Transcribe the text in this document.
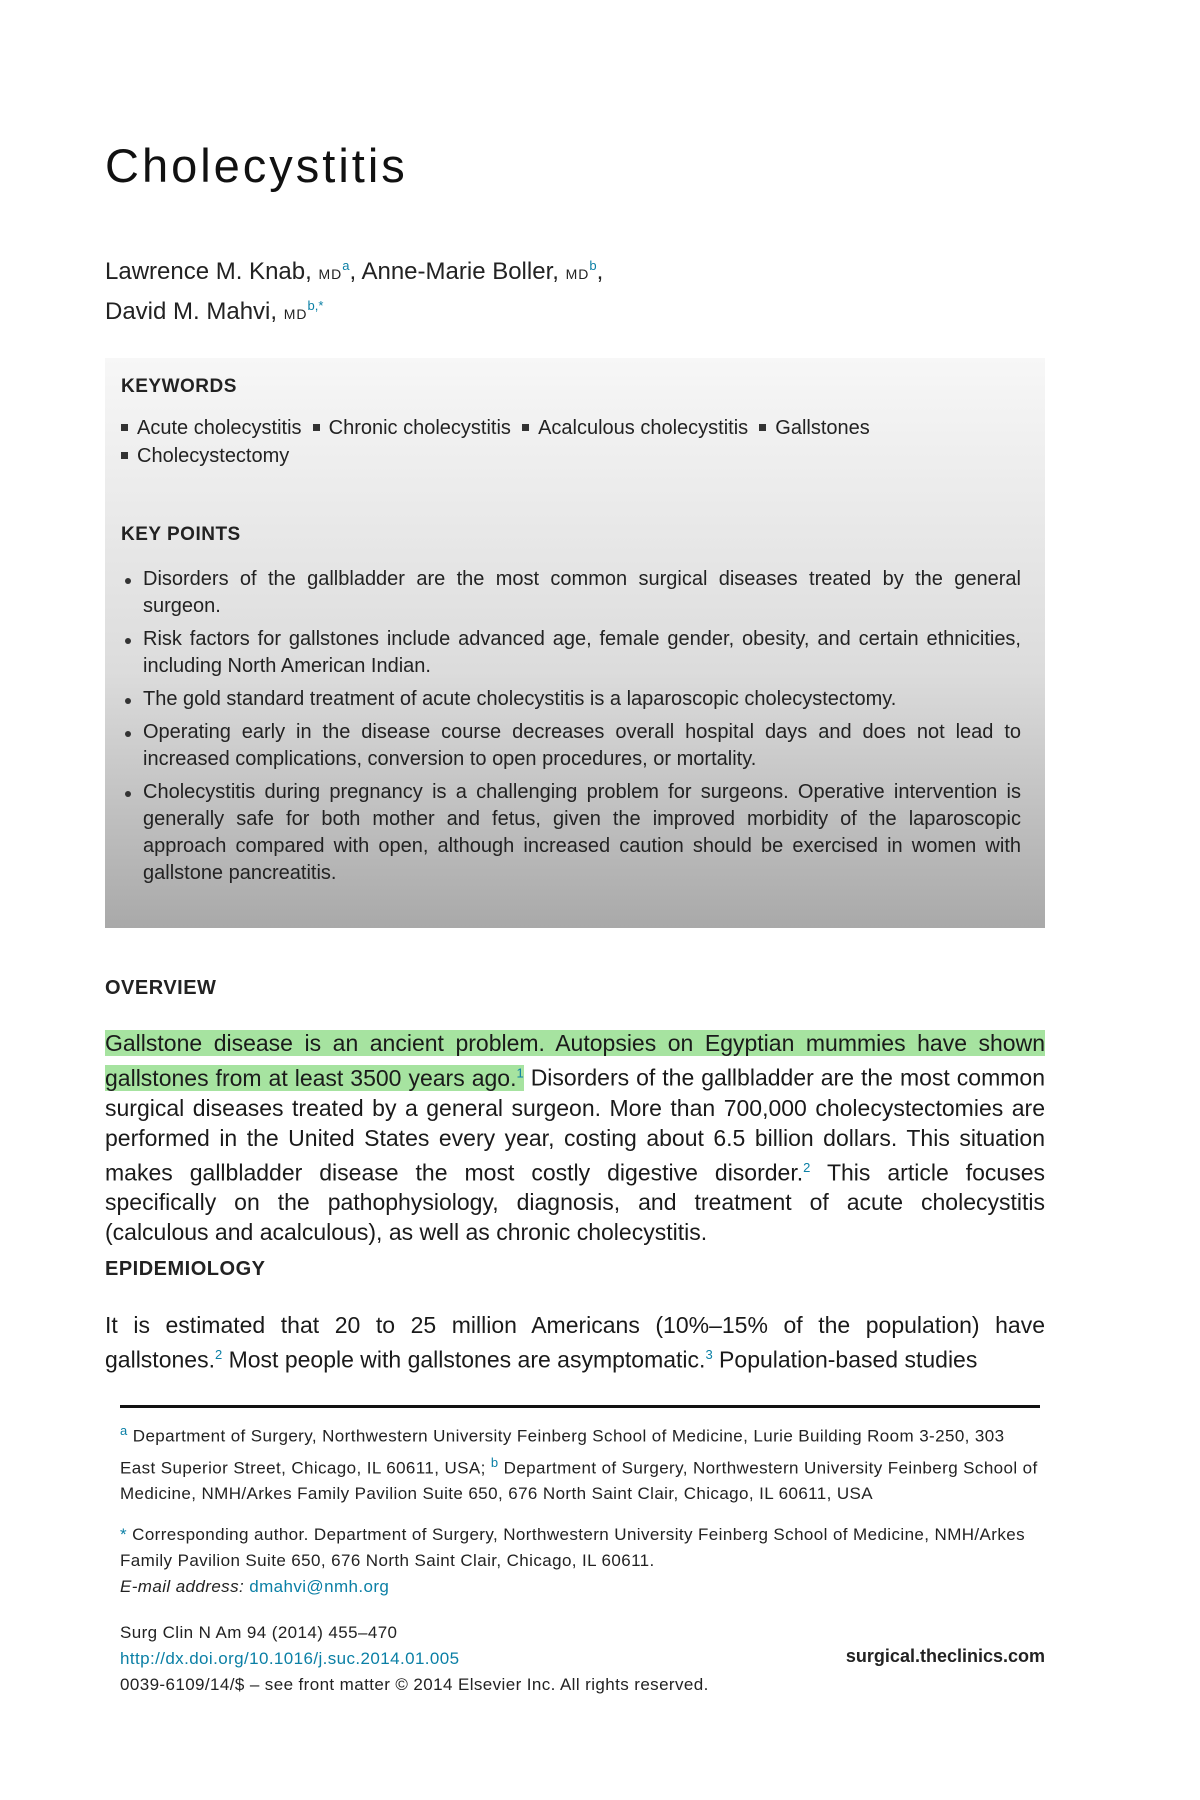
Cholecystitis
Lawrence M. Knab, $MD^a$, Anne-Marie Boller, $MD^b$,
David M. Mahvi, $MD^{b,*}$
KEYWORDS
Acute cholecystitis Chronic cholecystitis Acalculous cholecystitis Gallstones
Cholecystectomy
KEY POINTS
Disorders of the gallbladder are the most common surgical diseases treated by the general surgeon.
Risk factors for gallstones include advanced age, female gender, obesity, and certain ethnicities, including North American Indian.
The gold standard treatment of acute cholecystitis is a laparoscopic cholecystectomy.
Operating early in the disease course decreases overall hospital days and does not lead to increased complications, conversion to open procedures, or mortality.
Cholecystitis during pregnancy is a challenging problem for surgeons. Operative intervention is generally safe for both mother and fetus, given the improved morbidity of the laparoscopic approach compared with open, although increased caution should be exercised in women with gallstone pancreatitis.
OVERVIEW

Gallstone disease is an ancient problem. Autopsies on Egyptian mummies have shown gallstones from at least 3500 years ago.$^1$ Disorders of the gallbladder are the most common surgical diseases treated by a general surgeon. More than 700,000 cholecystectomies are performed in the United States every year, costing about 6.5 billion dollars. This situation makes gallbladder disease the most costly digestive disorder.$^2$ This article focuses specifically on the pathophysiology, diagnosis, and treatment of acute cholecystitis (calculous and acalculous), as well as chronic cholecystitis.

EPIDEMIOLOGY

It is estimated that 20 to 25 million Americans (10%–15% of the population) have gallstones.$^2$ Most people with gallstones are asymptomatic.$^3$ Population-based studies

$^a$ Department of Surgery, Northwestern University Feinberg School of Medicine, Lurie Building Room 3-250, 303 East Superior Street, Chicago, IL 60611, USA; $^b$ Department of Surgery, Northwestern University Feinberg School of Medicine, NMH/Arkes Family Pavilion Suite 650, 676 North Saint Clair, Chicago, IL 60611, USA
* Corresponding author. Department of Surgery, Northwestern University Feinberg School of Medicine, NMH/Arkes Family Pavilion Suite 650, 676 North Saint Clair, Chicago, IL 60611.
E-mail address: dmahvi@nmh.org
Surg Clin N Am 94 (2014) 455–470
http://dx.doi.org/10.1016/j.suc.2014.01.005
0039-6109/14/$ – see front matter © 2014 Elsevier Inc. All rights reserved.
surgical.theclinics.com
